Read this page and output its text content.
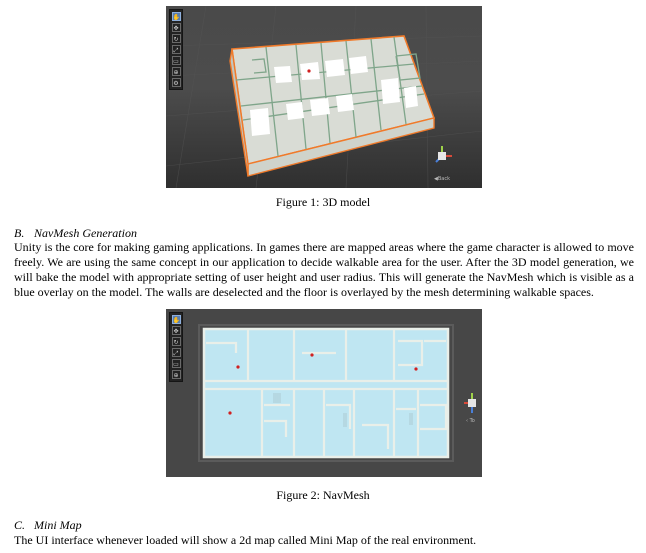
✋
✥
↻
⤢
▭
⊕
⚙
◀Back
Figure 1: 3D model
B. NavMesh Generation
Unity is the core for making gaming applications. In games there are mapped areas where the game character is allowed to move freely. We are using the same concept in our application to decide walkable area for the user. After the 3D model generation, we will bake the model with appropriate setting of user height and user radius. This will generate the NavMesh which is visible as a blue overlay on the model. The walls are deselected and the floor is overlayed by the mesh determining walkable spaces.
✋
✥
↻
⤢
▭
⊕
‹ To
Figure 2: NavMesh
C. Mini Map
The UI interface whenever loaded will show a 2d map called Mini Map of the real environment.
